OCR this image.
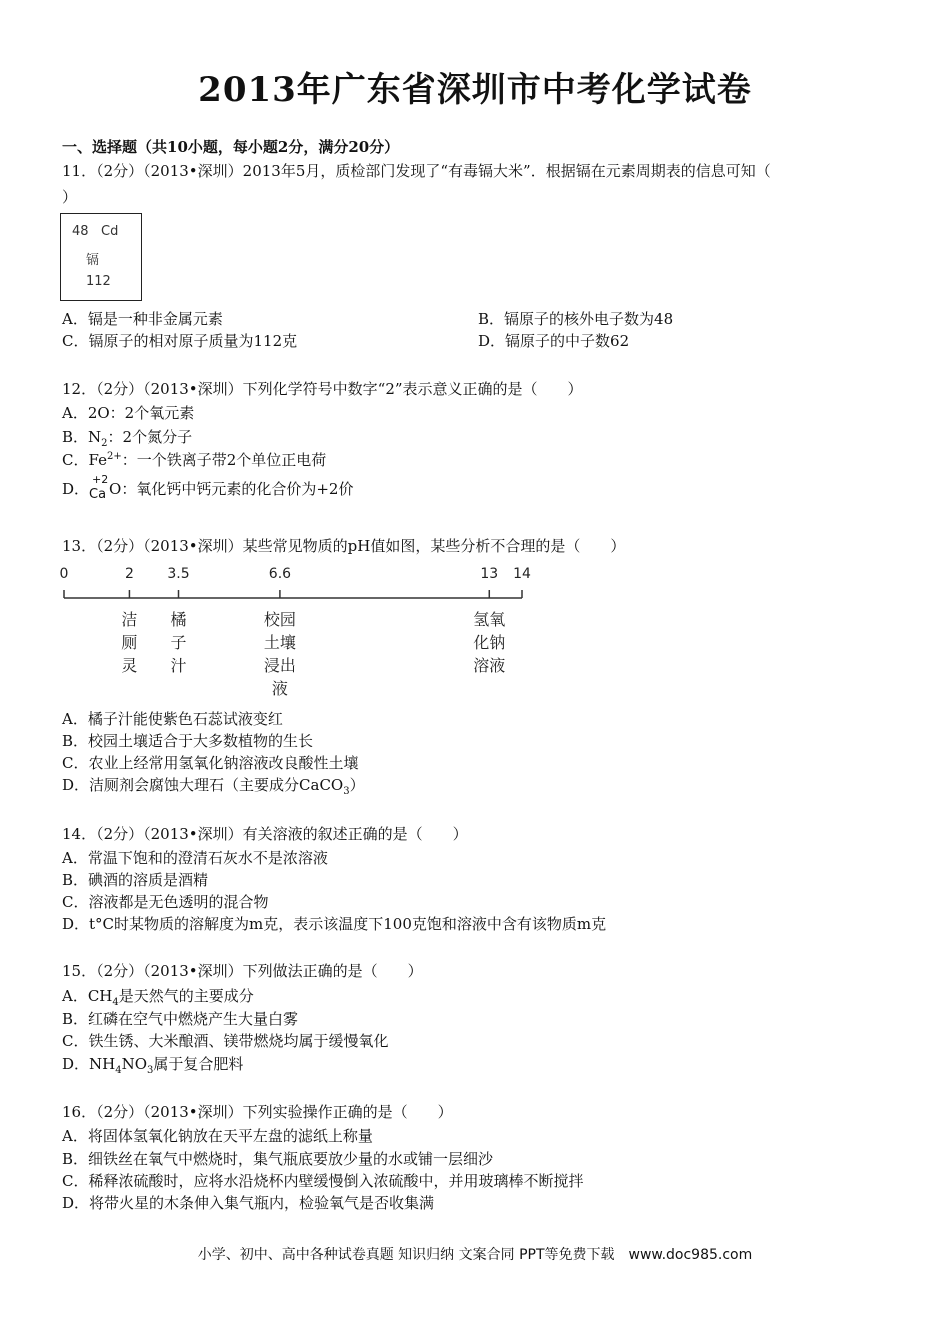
2013年广东省深圳市中考化学试卷
一、选择题（共10小题，每小题2分，满分20分）
11．（2分）（2013•深圳）2013年5月，质检部门发现了“有毒镉大米”．根据镉在元素周期表的信息可知（
）
48 Cd
镉
112
A．镉是一种非金属元素	B．镉原子的核外电子数为48
C．镉原子的相对原子质量为112克	D．镉原子的中子数62
12．（2分）（2013•深圳）下列化学符号中数字“2”表示意义正确的是（　　）
A．2O：2个氧元素
B．$N_2$：2个氮分子
C．$Fe^{2+}$：一个铁离子带2个单位正电荷
D．
+2
Ca O：氧化钙中钙元素的化合价为+2价
13．（2分）（2013•深圳）某些常见物质的pH值如图，某些分析不合理的是（　　）
0	2 3.5	6.6	13 14
洁
厕
灵
橘
子
汁
校园
土壤
浸出
液
氢氧
化钠
溶液
A．橘子汁能使紫色石蕊试液变红
B．校园土壤适合于大多数植物的生长
C．农业上经常用氢氧化钠溶液改良酸性土壤
D．洁厕剂会腐蚀大理石（主要成分CaCO$_3$）
14．（2分）（2013•深圳）有关溶液的叙述正确的是（　　）
A．常温下饱和的澄清石灰水不是浓溶液
B．碘酒的溶质是酒精
C．溶液都是无色透明的混合物
D．t°C时某物质的溶解度为m克，表示该温度下100克饱和溶液中含有该物质m克
15．（2分）（2013•深圳）下列做法正确的是（　　）
A．$CH_4$是天然气的主要成分
B．红磷在空气中燃烧产生大量白雾
C．铁生锈、大米酿酒、镁带燃烧均属于缓慢氧化
D．$NH_4NO_3$属于复合肥料
16．（2分）（2013•深圳）下列实验操作正确的是（　　）
A．将固体氢氧化钠放在天平左盘的滤纸上称量
B．细铁丝在氧气中燃烧时，集气瓶底要放少量的水或铺一层细沙
C．稀释浓硫酸时，应将水沿烧杯内壁缓慢倒入浓硫酸中，并用玻璃棒不断搅拌
D．将带火星的木条伸入集气瓶内，检验氧气是否收集满
小学、初中、高中各种试卷真题 知识归纳 文案合同 PPT等免费下载　www.doc985.com
